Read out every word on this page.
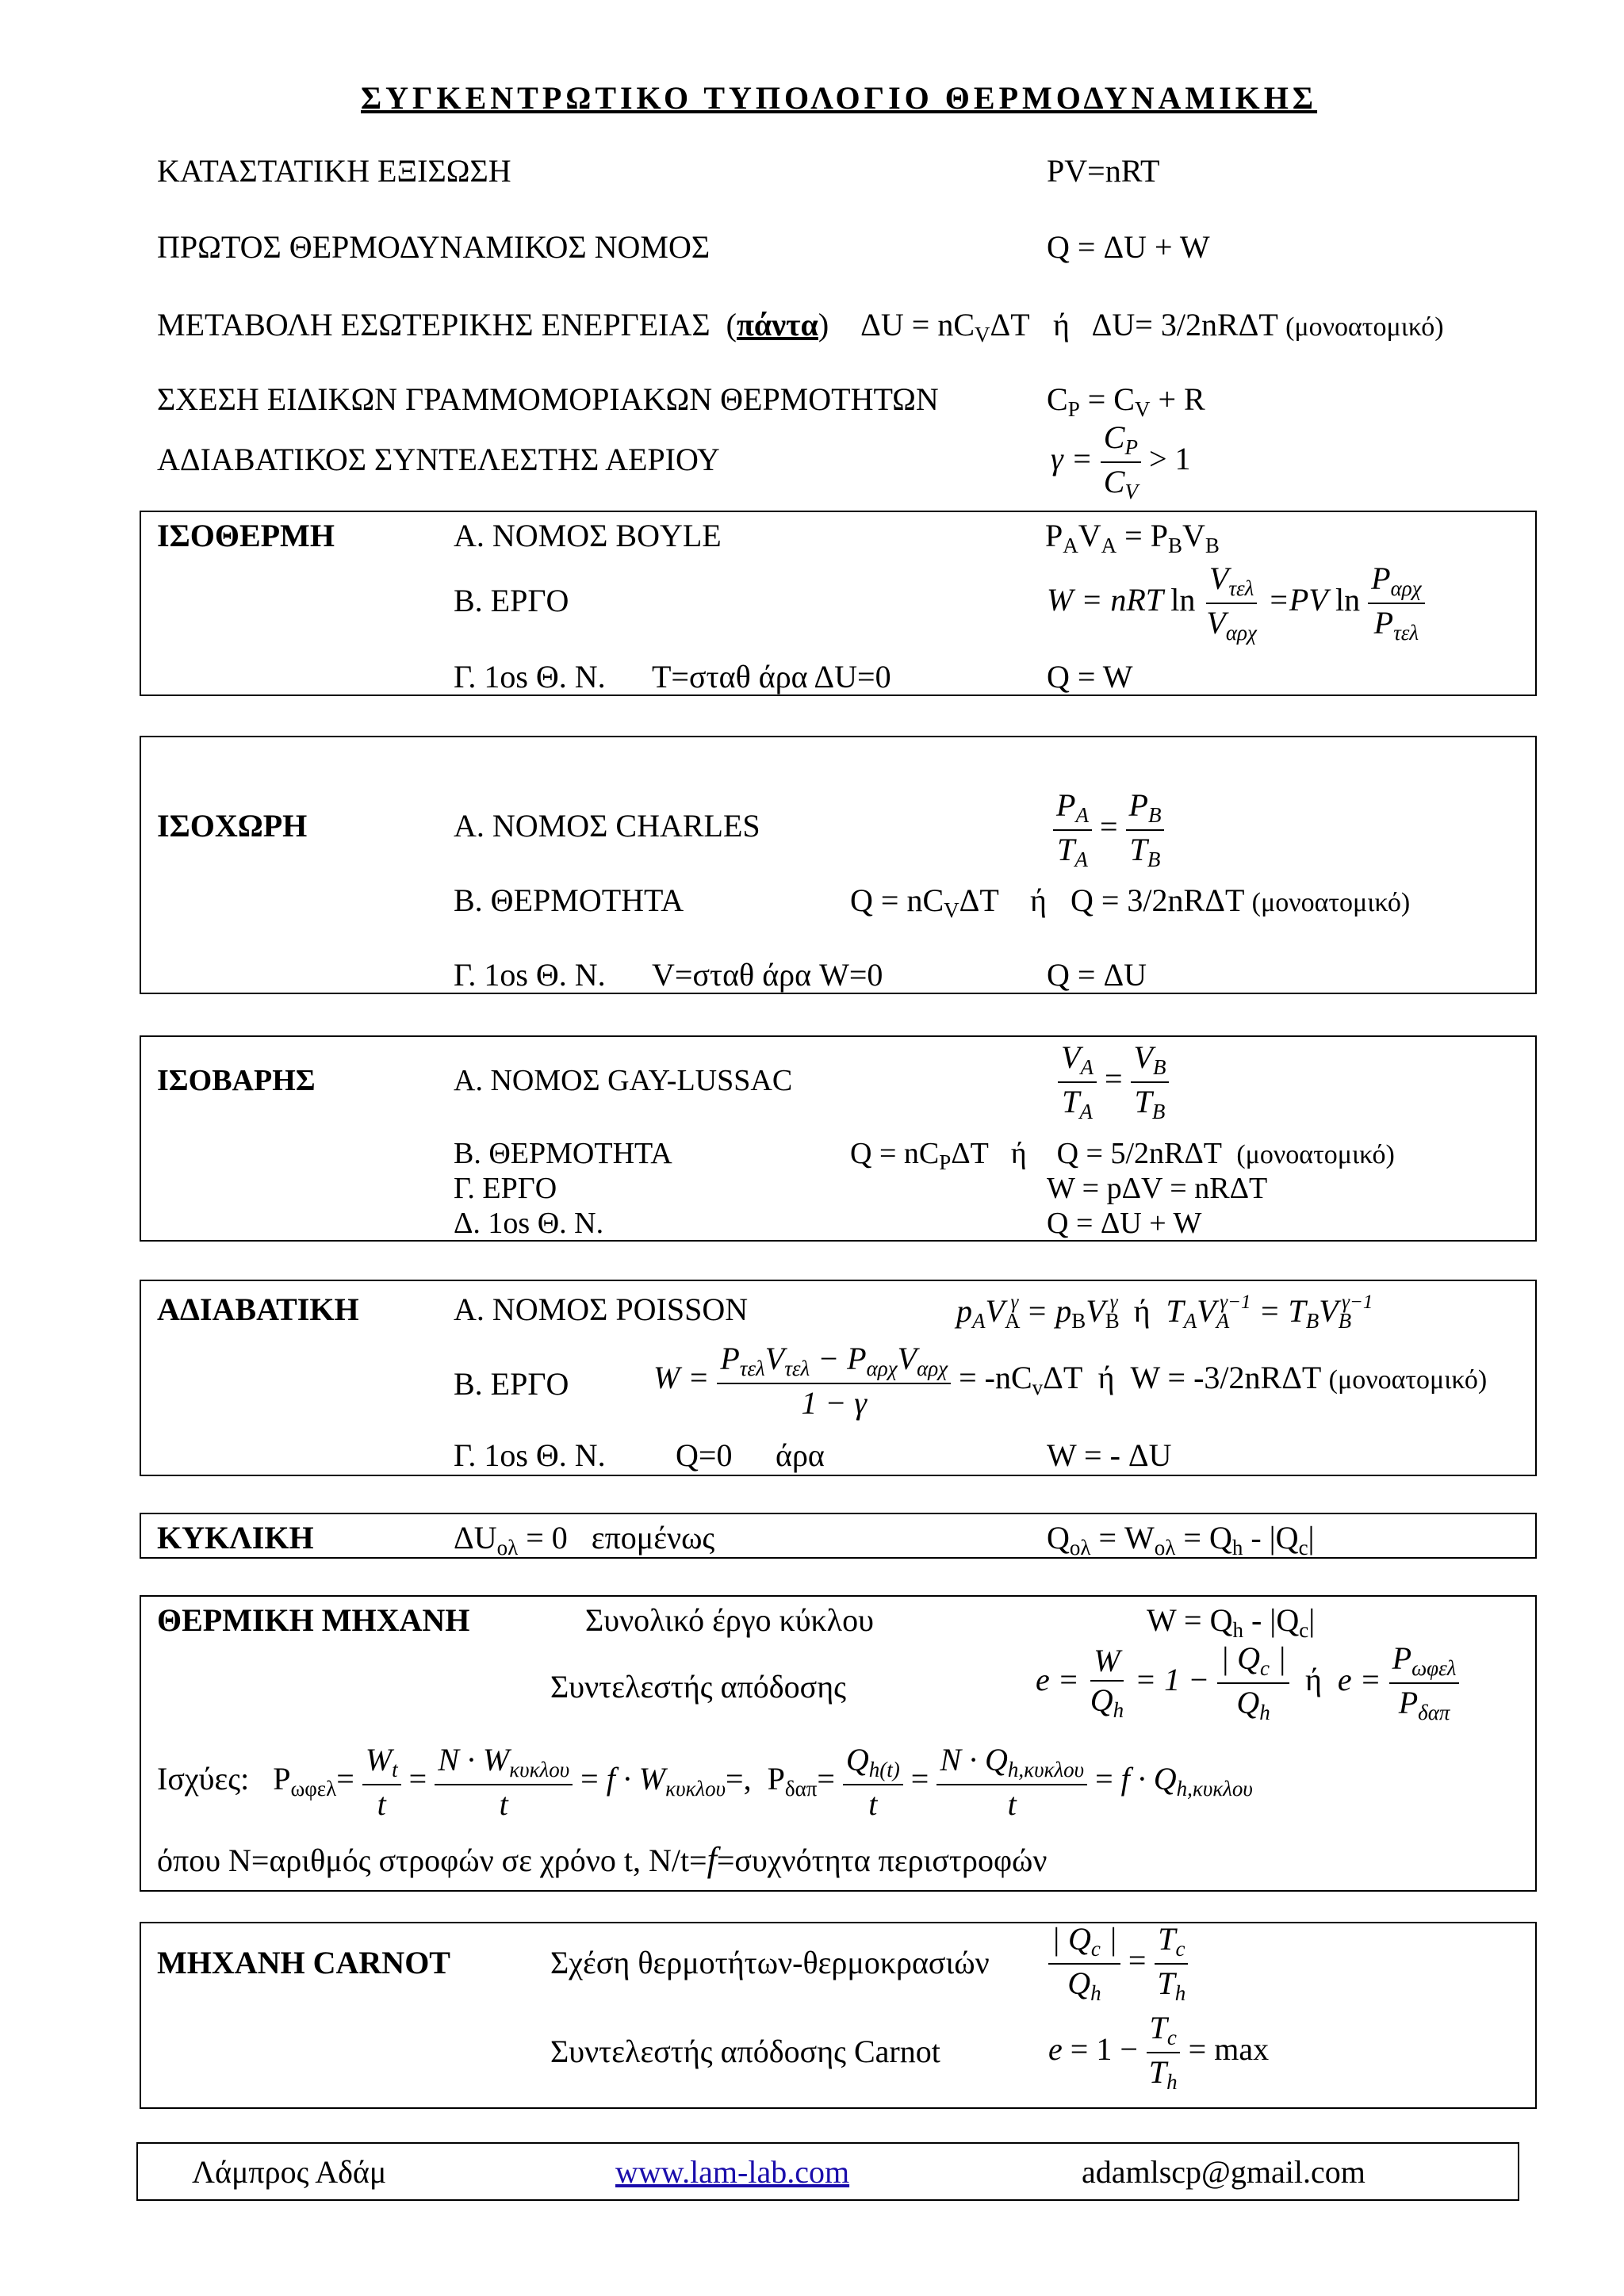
ΣΥΓΚΕΝΤΡΩΤΙΚΟ ΤΥΠΟΛΟΓΙΟ ΘΕΡΜΟΔΥΝΑΜΙΚΗΣ
ΚΑΤΑΣΤΑΤΙΚΗ ΕΞΙΣΩΣΗ	PV=nRT
ΠΡΩΤΟΣ ΘΕΡΜΟΔΥΝΑΜΙΚΟΣ ΝΟΜΟΣ	Q = ΔU + W
ΜΕΤΑΒΟΛΗ ΕΣΩΤΕΡΙΚΗΣ ΕΝΕΡΓΕΙΑΣ  (πάντα)    $\Delta U = nC_V\Delta T$   ή   ΔU= 3/2nRΔT (μονοατομικό)
ΣΧΕΣΗ ΕΙΔΙΚΩΝ ΓΡΑΜΜΟΜΟΡΙΑΚΩΝ ΘΕΡΜΟΤΗΤΩΝ	$C_P = C_V + R$
ΑΔΙΑΒΑΤΙΚΟΣ ΣΥΝΤΕΛΕΣΤΗΣ ΑΕΡΙΟΥ	$\gamma = \frac{C_P}{C_V} > 1$
ΙΣΟΘΕΡΜΗ	Α. ΝΟΜΟΣ BOYLE	$P_AV_A = P_BV_B$
Β. ΕΡΓΟ	W = nRT $\ln \frac{V_{\tau\varepsilon\lambda}}{V_{\alpha\rho\chi}} =PV$ $\ln \frac{P_{\alpha\rho\chi}}{P_{\tau\varepsilon\lambda}}$
Γ. 1os Θ. Ν. Τ=σταθ άρα ΔU=0	Q = W
ΙΣΟΧΩΡΗ	Α. ΝΟΜΟΣ CHARLES	$\frac{P_A}{T_A} = \frac{P_B}{T_B}$
Β. ΘΕΡΜΟΤΗΤΑ	$Q = nC_V\Delta T$    ή   Q = 3/2nRΔT (μονοατομικό)
Γ. 1os Θ. Ν. V=σταθ άρα W=0	Q = ΔU
ΙΣΟΒΑΡΗΣ	Α. ΝΟΜΟΣ GAY-LUSSAC	$\frac{V_A}{T_A} = \frac{V_B}{T_B}$
Β. ΘΕΡΜΟΤΗΤΑ	$Q = nC_P\Delta T$   ή    Q = 5/2nRΔT  (μονοατομικό)
Γ. ΕΡΓΟ	W = pΔV = nRΔT
Δ. 1os Θ. Ν.	Q = ΔU + W
ΑΔΙΑΒΑΤΙΚΗ	Α. ΝΟΜΟΣ POISSON	$p_AV_A^\gamma = p_BV_B^\gamma$  ή  $T_AV_A^{\gamma-1} = T_BV_B^{\gamma-1}$
Β. ΕΡΓΟ	$W = \frac{P_{\tau\varepsilon\lambda}V_{\tau\varepsilon\lambda} - P_{\alpha\rho\chi}V_{\alpha\rho\chi}}{1 - \gamma} = -nC_v\Delta T$  ή  W = -3/2nRΔT (μονοατομικό)
Γ. 1os Θ. Ν. Q=0 άρα	W = - ΔU
ΚΥΚΛΙΚΗ	$\Delta U_{o\lambda} = 0$   επομένως	$Q_{o\lambda} = W_{o\lambda} = Q_h - |Q_c|$
ΘΕΡΜΙΚΗ ΜΗΧΑΝΗ	Συνολικό έργο κύκλου	$W = Q_h - |Q_c|$
Συντελεστής απόδοσης	$e = \frac{W}{Q_h} = 1 - \frac{| Q_c |}{Q_h}$ ή  $e = \frac{P_{\omega\varphi\varepsilon\lambda}}{P_{\delta\alpha\pi}}$
Ισχύες:   $P_{\omega\varphi\varepsilon\lambda}= \frac{W_t}{t} = \frac{N \cdot W_{\kappa\upsilon\kappa\lambda o\upsilon}}{t} = f \cdot W_{\kappa\upsilon\kappa\lambda o\upsilon}=$,  $P_{\delta\alpha\pi}= \frac{Q_{h(t)}}{t} = \frac{N \cdot Q_{h,\kappa\upsilon\kappa\lambda o\upsilon}}{t} = f \cdot Q_{h,\kappa\upsilon\kappa\lambda o\upsilon}$
όπου Ν=αριθμός στροφών σε χρόνο t, N/t=f=συχνότητα περιστροφών
ΜΗΧΑΝΗ CARNOT	Σχέση $\theta\varepsilon\rho\mu o\tau ή\tau\omega\nu-\theta\varepsilon\rho\mu o\kappa\rho\alpha\sigma\iota ώ\nu \frac{| Q_c |}{Q_h} = \frac{T_c}{T_h}$
Συντελεστής απόδοσης Carnot	$e = 1 - \frac{T_c}{T_h} = \max$
Λάμπρος Αδάμ	www.lam-lab.com	adamlscp@gmail.com
